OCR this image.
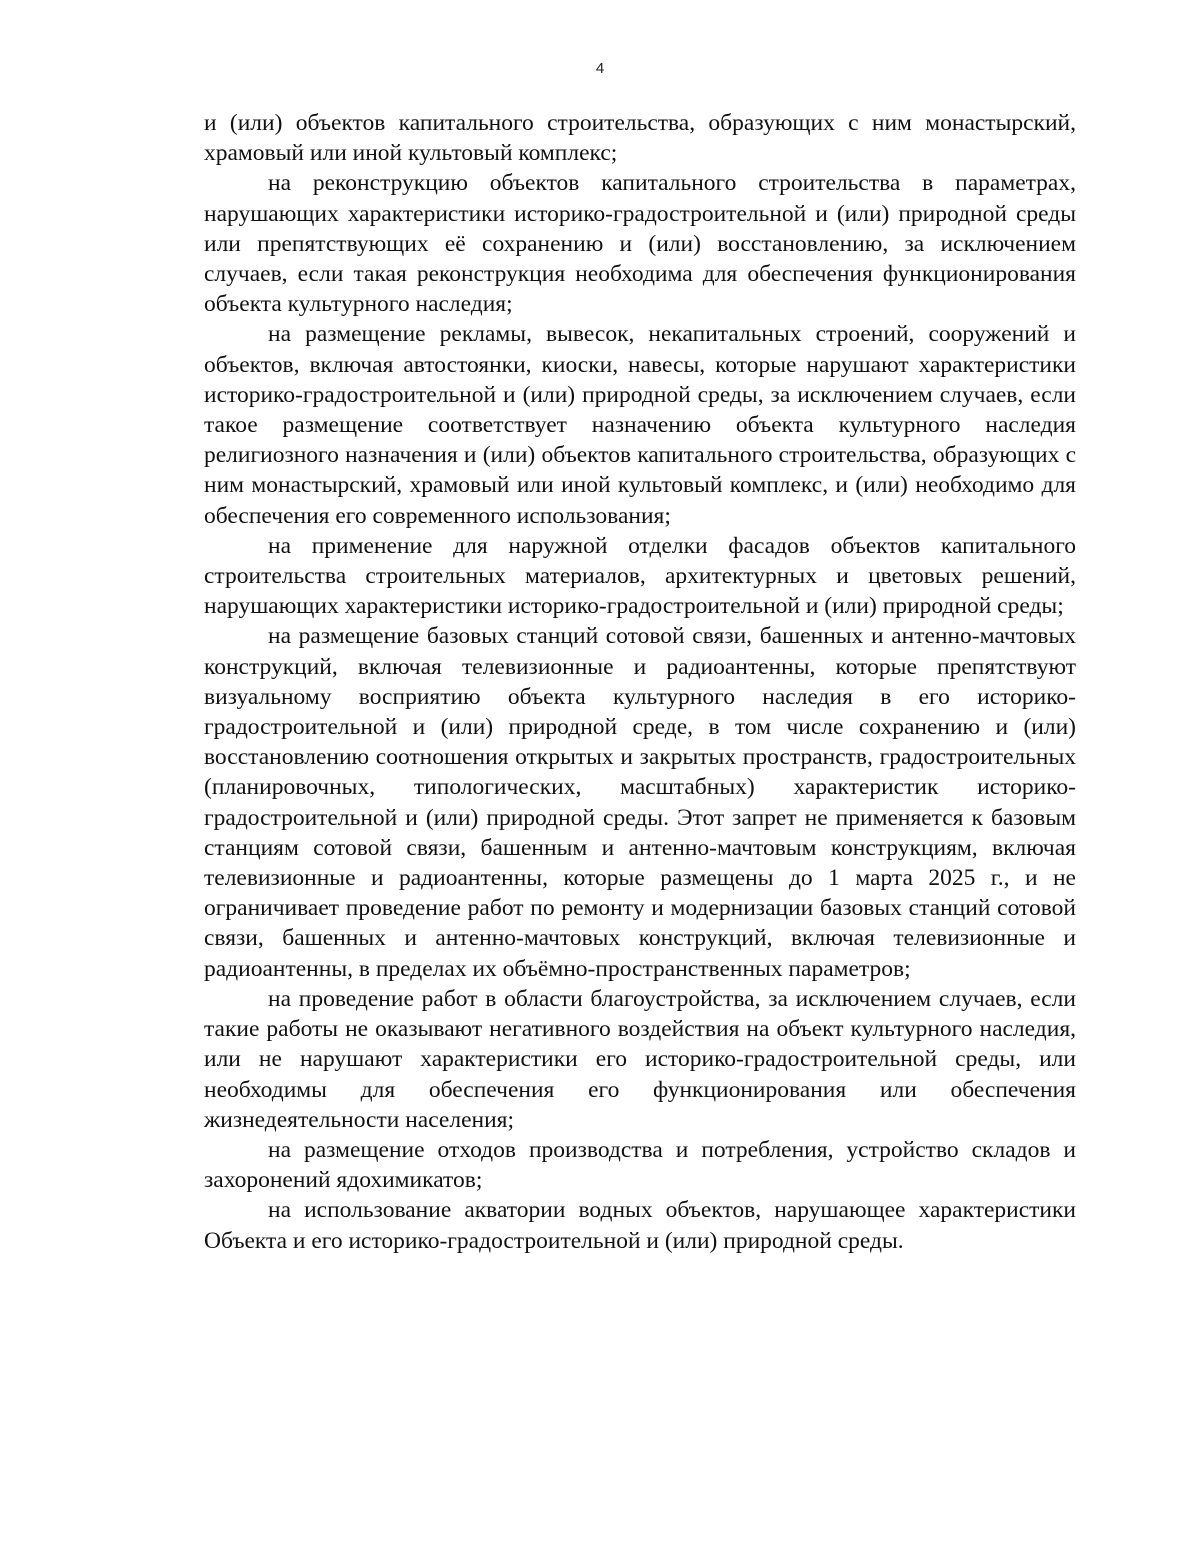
4

и (или) объектов капитального строительства, образующих с ним монастырский, храмовый или иной культовый комплекс;

на реконструкцию объектов капитального строительства в параметрах, нарушающих характеристики историко-градостроительной и (или) природной среды или препятствующих её сохранению и (или) восстановлению, за исключением случаев, если такая реконструкция необходима для обеспечения функционирования объекта культурного наследия;

на размещение рекламы, вывесок, некапитальных строений, сооружений и объектов, включая автостоянки, киоски, навесы, которые нарушают характеристики историко-градостроительной и (или) природной среды, за исключением случаев, если такое размещение соответствует назначению объекта культурного наследия религиозного назначения и (или) объектов капитального строительства, образующих с ним монастырский, храмовый или иной культовый комплекс, и (или) необходимо для обеспечения его современного использования;

на применение для наружной отделки фасадов объектов капитального строительства строительных материалов, архитектурных и цветовых решений, нарушающих характеристики историко-градостроительной и (или) природной среды;

на размещение базовых станций сотовой связи, башенных и антенно-мачтовых конструкций, включая телевизионные и радиоантенны, которые препятствуют визуальному восприятию объекта культурного наследия в его историко-градостроительной и (или) природной среде, в том числе сохранению и (или) восстановлению соотношения открытых и закрытых пространств, градостроительных (планировочных, типологических, масштабных) характеристик историко-градостроительной и (или) природной среды. Этот запрет не применяется к базовым станциям сотовой связи, башенным и антенно-мачтовым конструкциям, включая телевизионные и радиоантенны, которые размещены до 1 марта 2025 г., и не ограничивает проведение работ по ремонту и модернизации базовых станций сотовой связи, башенных и антенно-мачтовых конструкций, включая телевизионные и радиоантенны, в пределах их объёмно-пространственных параметров;

на проведение работ в области благоустройства, за исключением случаев, если такие работы не оказывают негативного воздействия на объект культурного наследия, или не нарушают характеристики его историко-градостроительной среды, или необходимы для обеспечения его функционирования или обеспечения жизнедеятельности населения;

на размещение отходов производства и потребления, устройство складов и захоронений ядохимикатов;

на использование акватории водных объектов, нарушающее характеристики Объекта и его историко-градостроительной и (или) природной среды.
